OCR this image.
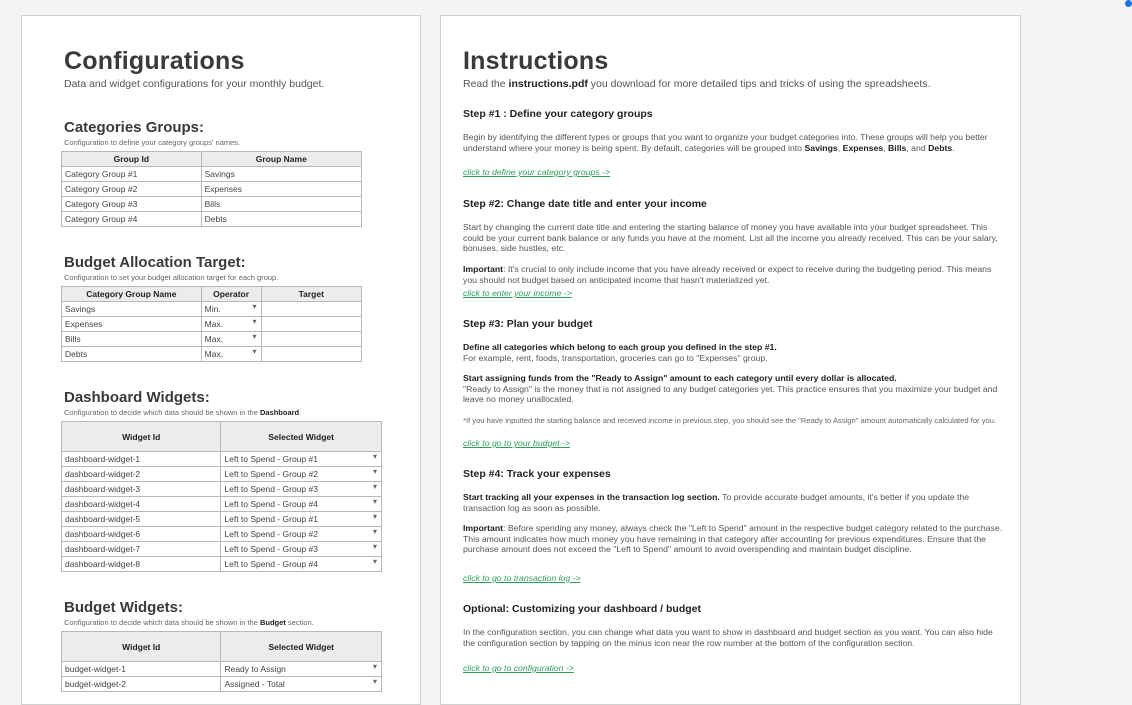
Configurations
Data and widget configurations for your monthly budget.
Categories Groups:
Configuration to define your category groups' names.
Group Id	Group Name
Category Group #1	Savings
Category Group #2	Expenses
Category Group #3	Bills
Category Group #4	Debts
Budget Allocation Target:
Configuration to set your budget allocation target for each group.
Category Group Name	Operator	Target
Savings	Min. ▾	
Expenses	Max. ▾	
Bills	Max. ▾	
Debts	Max. ▾	
Dashboard Widgets:
Configuration to decide which data should be shown in the Dashboard.
Widget Id	Selected Widget
dashboard-widget-1	Left to Spend - Group #1 ▾
dashboard-widget-2	Left to Spend - Group #2 ▾
dashboard-widget-3	Left to Spend - Group #3 ▾
dashboard-widget-4	Left to Spend - Group #4 ▾
dashboard-widget-5	Left to Spend - Group #1 ▾
dashboard-widget-6	Left to Spend - Group #2 ▾
dashboard-widget-7	Left to Spend - Group #3 ▾
dashboard-widget-8	Left to Spend - Group #4 ▾
Budget Widgets:
Configuration to decide which data should be shown in the Budget section.
Widget Id	Selected Widget
budget-widget-1	Ready to Assign ▾
budget-widget-2	Assigned - Total ▾
Instructions
Read the instructions.pdf you download for more detailed tips and tricks of using the spreadsheets.
Step #1 : Define your category groups
Begin by identifying the different types or groups that you want to organize your budget categories into. These groups will help you better understand where your money is being spent. By default, categories will be grouped into Savings, Expenses, Bills, and Debts.
click to define your category groups ->
Step #2: Change date title and enter your income
Start by changing the current date title and entering the starting balance of money you have available into your budget spreadsheet. This could be your current bank balance or any funds you have at the moment. List all the income you already received. This can be your salary, bonuses, side hustles, etc.
Important: It's crucial to only include income that you have already received or expect to receive during the budgeting period. This means you should not budget based on anticipated income that hasn't materialized yet.
click to enter your income ->
Step #3: Plan your budget
Define all categories which belong to each group you defined in the step #1.
For example, rent, foods, transportation, groceries can go to "Expenses" group.
Start assigning funds from the "Ready to Assign" amount to each category until every dollar is allocated.
"Ready to Assign" is the money that is not assigned to any budget categories yet. This practice ensures that you maximize your budget and leave no money unallocated.
*If you have inputted the starting balance and received income in previous step, you should see the "Ready to Assign" amount automatically calculated for you.
click to go to your budget ->
Step #4: Track your expenses
Start tracking all your expenses in the transaction log section. To provide accurate budget amounts, it's better if you update the transaction log as soon as possible.
Important: Before spending any money, always check the "Left to Spend" amount in the respective budget category related to the purchase. This amount indicates how much money you have remaining in that category after accounting for previous expenditures. Ensure that the purchase amount does not exceed the "Left to Spend" amount to avoid overspending and maintain budget discipline.
click to go to transaction log ->
Optional: Customizing your dashboard / budget
In the configuration section, you can change what data you want to show in dashboard and budget section as you want. You can also hide the configuration section by tapping on the minus icon near the row number at the bottom of the configuration section.
click to go to configuration ->
